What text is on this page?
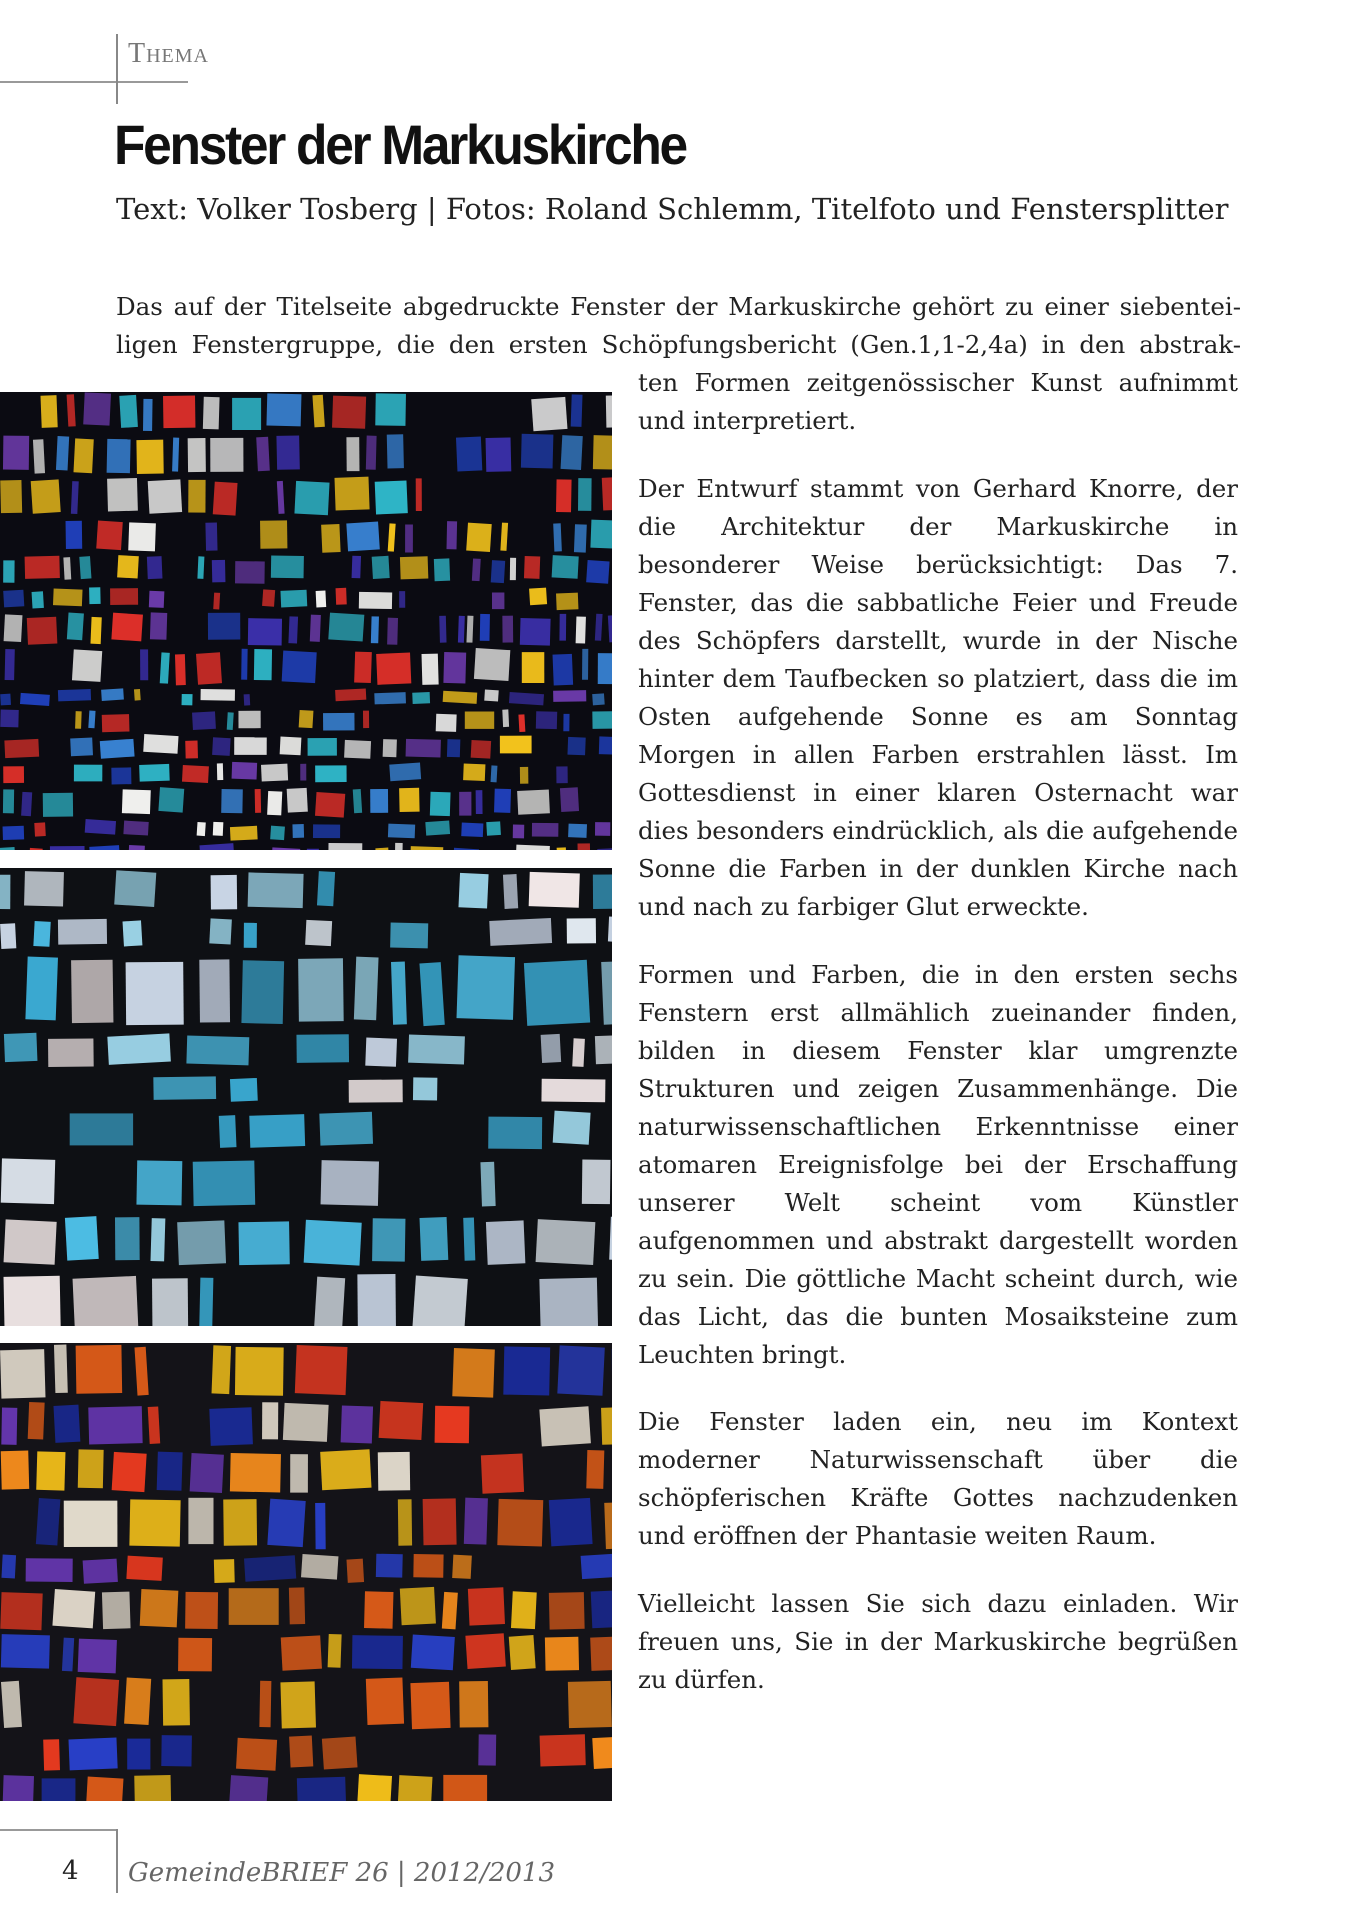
Thema
Fenster der Markuskirche
Text: Volker Tosberg | Fotos: Roland Schlemm, Titelfoto und Fenstersplitter
Das auf der Titelseite abgedruckte Fenster der Markuskirche gehört zu einer siebentei-
ligen Fenstergruppe, die den ersten Schöpfungsbericht (Gen.1,1-2,4a) in den abstrak-

ten Formen zeitgenössischer Kunst aufnimmt und interpretiert.

Der Entwurf stammt von Gerhard Knorre, der die Architektur der Markuskirche in besonderer Weise berücksichtigt: Das 7. Fenster, das die sabbatliche Feier und Freude des Schöpfers darstellt, wurde in der Nische hinter dem Taufbecken so platziert, dass die im Osten aufgehende Sonne es am Sonntag Morgen in allen Farben erstrahlen lässt. Im Gottesdienst in einer klaren Osternacht war dies besonders eindrücklich, als die aufgehende Sonne die Farben in der dunklen Kirche nach und nach zu farbiger Glut erweckte.

Formen und Farben, die in den ersten sechs Fenstern erst allmählich zueinander finden, bilden in diesem Fenster klar umgrenzte Strukturen und zeigen Zusammenhänge. Die naturwissenschaftlichen Erkenntnisse einer atomaren Ereignisfolge bei der Erschaffung unserer Welt scheint vom Künstler aufgenommen und abstrakt dargestellt worden zu sein. Die göttliche Macht scheint durch, wie das Licht, das die bunten Mosaiksteine zum Leuchten bringt.

Die Fenster laden ein, neu im Kontext moderner Naturwissenschaft über die schöpferischen Kräfte Gottes nachzudenken und eröffnen der Phantasie weiten Raum.

Vielleicht lassen Sie sich dazu einladen. Wir freuen uns, Sie in der Markuskirche begrüßen zu dürfen.

4 GemeindeBRIEF 26 | 2012/2013
